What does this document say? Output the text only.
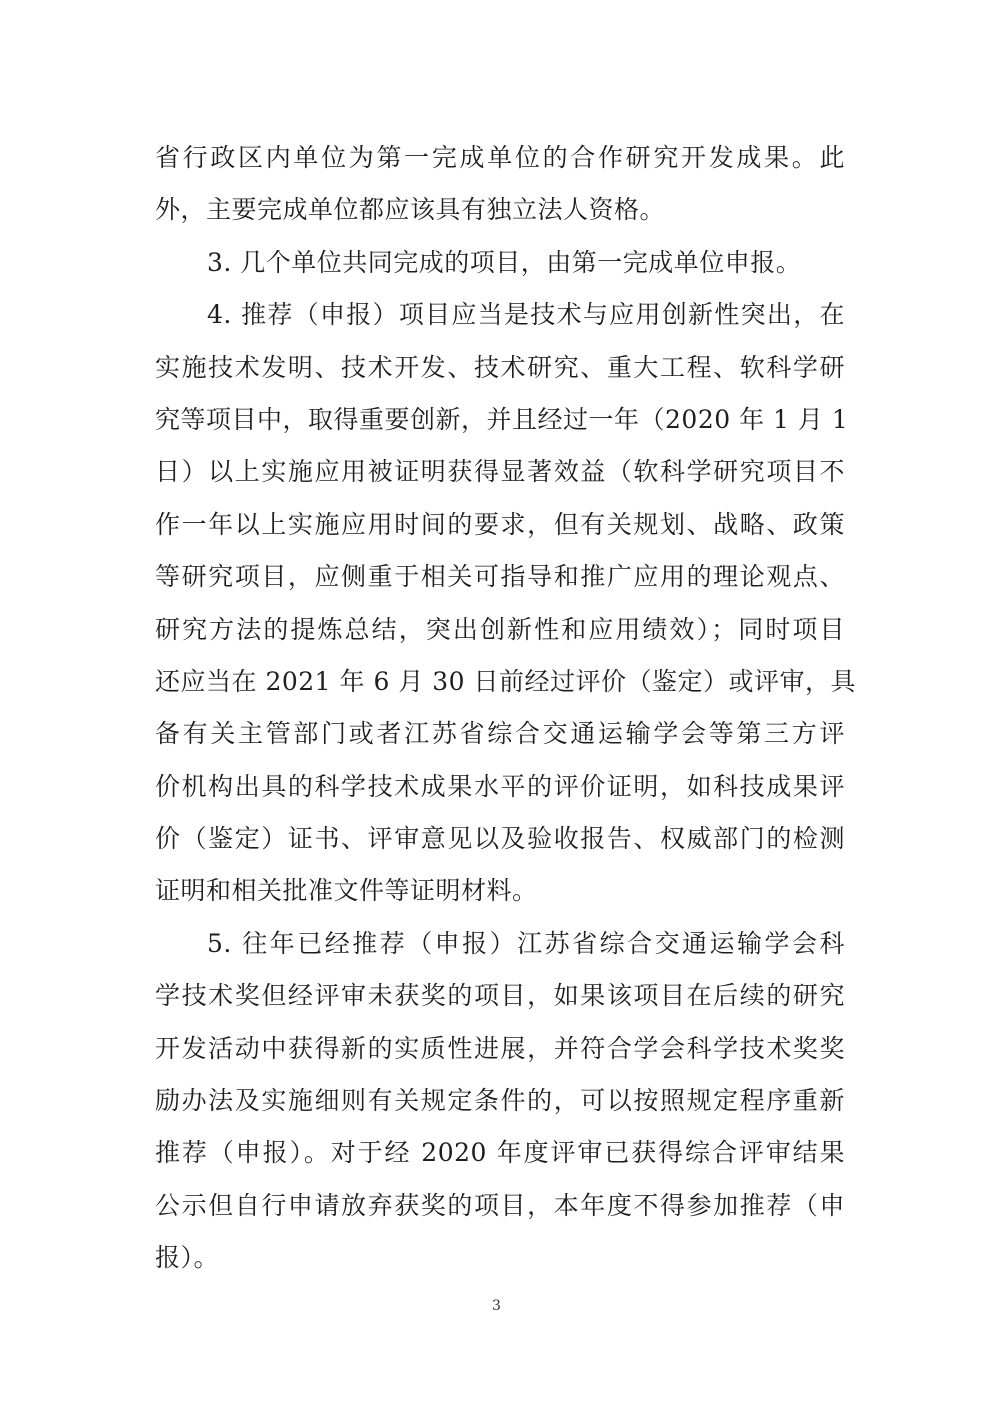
省行政区内单位为第一完成单位的合作研究开发成果。此
外，主要完成单位都应该具有独立法人资格。
3. 几个单位共同完成的项目，由第一完成单位申报。
4. 推荐（申报）项目应当是技术与应用创新性突出，在
实施技术发明、技术开发、技术研究、重大工程、软科学研
究等项目中，取得重要创新，并且经过一年（2020 年 1 月 1
日）以上实施应用被证明获得显著效益（软科学研究项目不
作一年以上实施应用时间的要求，但有关规划、战略、政策
等研究项目，应侧重于相关可指导和推广应用的理论观点、
研究方法的提炼总结，突出创新性和应用绩效）；同时项目
还应当在 2021 年 6 月 30 日前经过评价（鉴定）或评审，具
备有关主管部门或者江苏省综合交通运输学会等第三方评
价机构出具的科学技术成果水平的评价证明，如科技成果评
价（鉴定）证书、评审意见以及验收报告、权威部门的检测
证明和相关批准文件等证明材料。
5. 往年已经推荐（申报）江苏省综合交通运输学会科
学技术奖但经评审未获奖的项目，如果该项目在后续的研究
开发活动中获得新的实质性进展，并符合学会科学技术奖奖
励办法及实施细则有关规定条件的，可以按照规定程序重新
推荐（申报）。对于经 2020 年度评审已获得综合评审结果
公示但自行申请放弃获奖的项目，本年度不得参加推荐（申
报）。
3
